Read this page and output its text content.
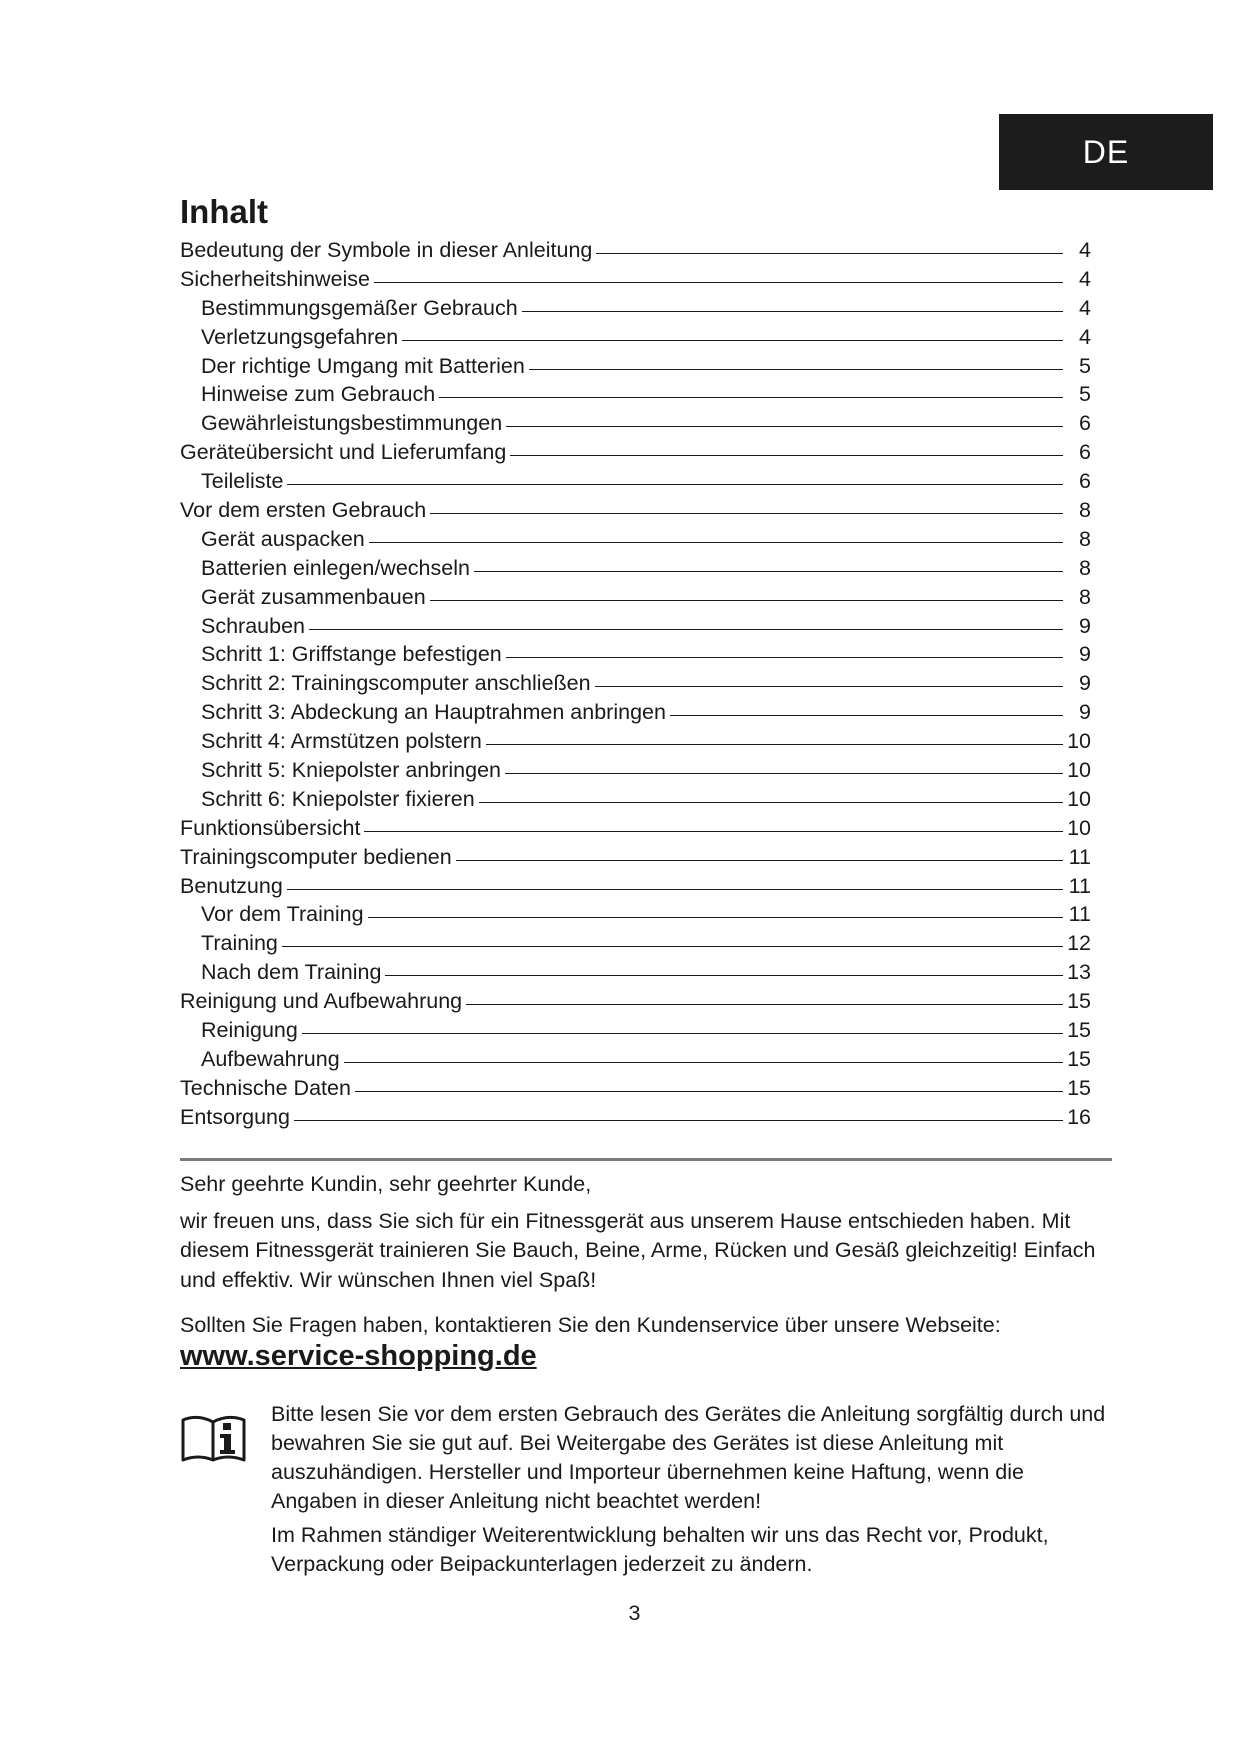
DE
Inhalt
Bedeutung der Symbole in dieser Anleitung	4
Sicherheitshinweise	4
Bestimmungsgemäßer Gebrauch	4
Verletzungsgefahren	4
Der richtige Umgang mit Batterien	5
Hinweise zum Gebrauch	5
Gewährleistungsbestimmungen	6
Geräteübersicht und Lieferumfang	6
Teileliste	6
Vor dem ersten Gebrauch	8
Gerät auspacken	8
Batterien einlegen/wechseln	8
Gerät zusammenbauen	8
Schrauben	9
Schritt 1: Griffstange befestigen	9
Schritt 2: Trainingscomputer anschließen	9
Schritt 3: Abdeckung an Hauptrahmen anbringen	9
Schritt 4: Armstützen polstern	10
Schritt 5: Kniepolster anbringen	10
Schritt 6: Kniepolster fixieren	10
Funktionsübersicht	10
Trainingscomputer bedienen	11
Benutzung	11
Vor dem Training	11
Training	12
Nach dem Training	13
Reinigung und Aufbewahrung	15
Reinigung	15
Aufbewahrung	15
Technische Daten	15
Entsorgung	16

Sehr geehrte Kundin, sehr geehrter Kunde,

wir freuen uns, dass Sie sich für ein Fitnessgerät aus unserem Hause entschieden haben. Mit diesem Fitnessgerät trainieren Sie Bauch, Beine, Arme, Rücken und Gesäß gleichzeitig! Einfach und effektiv. Wir wünschen Ihnen viel Spaß!

Sollten Sie Fragen haben, kontaktieren Sie den Kundenservice über unsere Webseite:

www.service-shopping.de

Bitte lesen Sie vor dem ersten Gebrauch des Gerätes die Anleitung sorgfältig durch und bewahren Sie sie gut auf. Bei Weitergabe des Gerätes ist diese Anleitung mit auszuhändigen. Hersteller und Importeur übernehmen keine Haftung, wenn die Angaben in dieser Anleitung nicht beachtet werden!

Im Rahmen ständiger Weiterentwicklung behalten wir uns das Recht vor, Produkt, Verpackung oder Beipackunterlagen jederzeit zu ändern.

3
